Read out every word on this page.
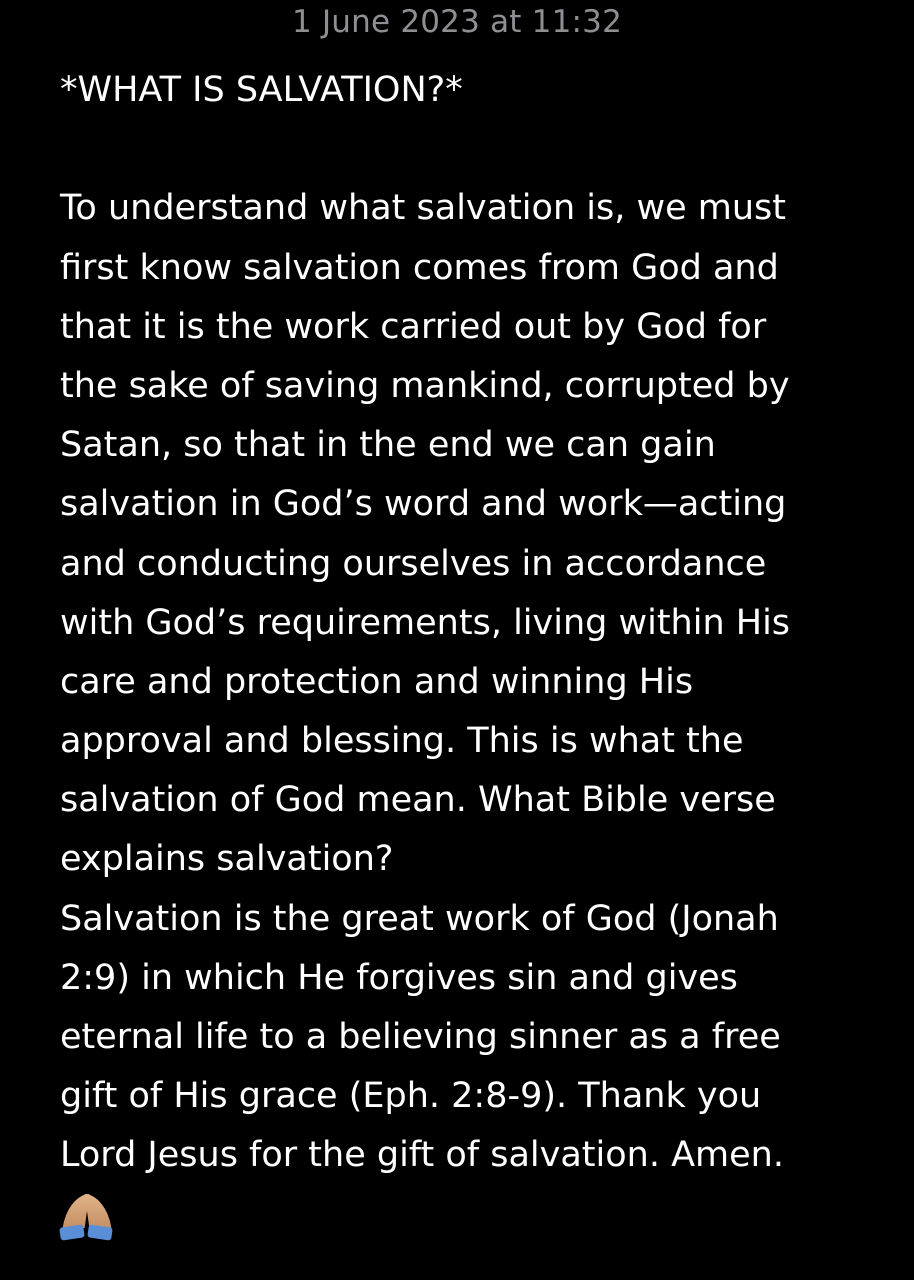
1 June 2023 at 11:32
*WHAT IS SALVATION?*
To understand what salvation is, we must
first know salvation comes from God and
that it is the work carried out by God for
the sake of saving mankind, corrupted by
Satan, so that in the end we can gain
salvation in God’s word and work—acting
and conducting ourselves in accordance
with God’s requirements, living within His
care and protection and winning His
approval and blessing. This is what the
salvation of God mean. What Bible verse
explains salvation?
Salvation is the great work of God (Jonah
2:9) in which He forgives sin and gives
eternal life to a believing sinner as a free
gift of His grace (Eph. 2:8-9). Thank you
Lord Jesus for the gift of salvation. Amen.
